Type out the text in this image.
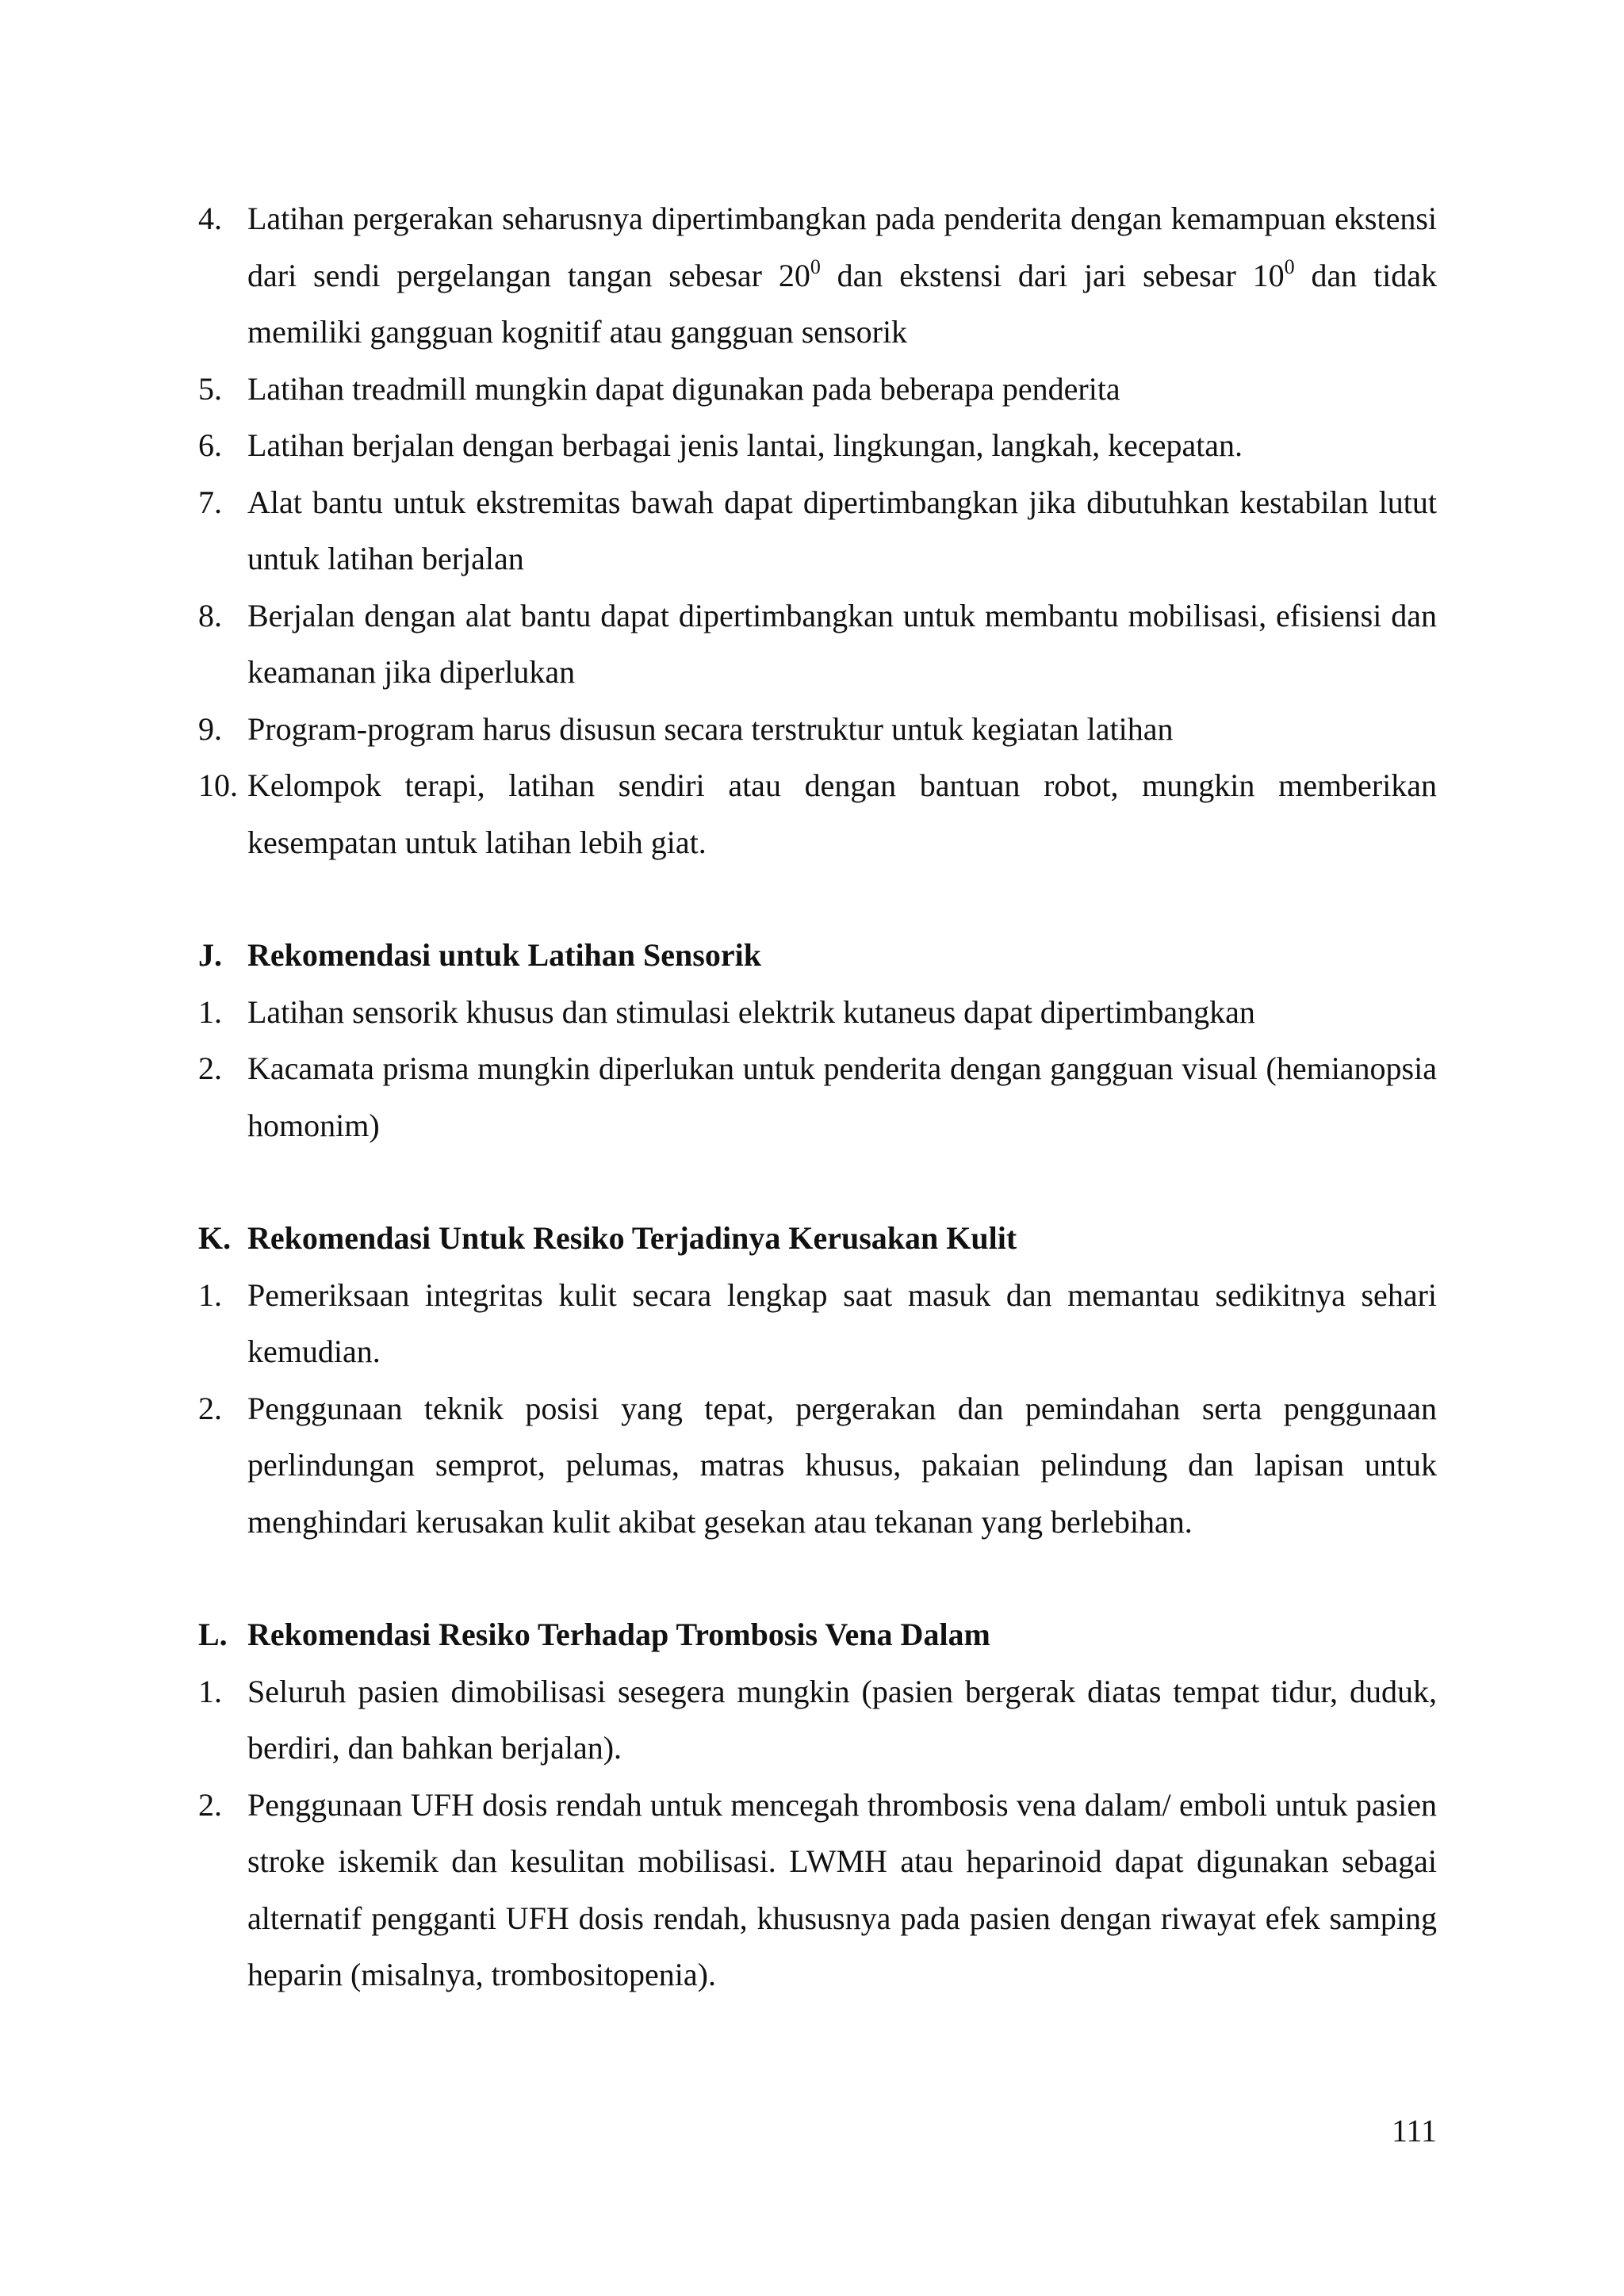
4. Latihan pergerakan seharusnya dipertimbangkan pada penderita dengan kemampuan ekstensi dari sendi pergelangan tangan sebesar $20^0$ dan ekstensi dari jari sebesar $10^0$ dan tidak memiliki gangguan kognitif atau gangguan sensorik
5. Latihan treadmill mungkin dapat digunakan pada beberapa penderita
6. Latihan berjalan dengan berbagai jenis lantai, lingkungan, langkah, kecepatan.
7. Alat bantu untuk ekstremitas bawah dapat dipertimbangkan jika dibutuhkan kestabilan lutut untuk latihan berjalan
8. Berjalan dengan alat bantu dapat dipertimbangkan untuk membantu mobilisasi, efisiensi dan keamanan jika diperlukan
9. Program-program harus disusun secara terstruktur untuk kegiatan latihan
10. Kelompok terapi, latihan sendiri atau dengan bantuan robot, mungkin memberikan kesempatan untuk latihan lebih giat.
J. Rekomendasi untuk Latihan Sensorik
1. Latihan sensorik khusus dan stimulasi elektrik kutaneus dapat dipertimbangkan
2. Kacamata prisma mungkin diperlukan untuk penderita dengan gangguan visual (hemianopsia homonim)
K. Rekomendasi Untuk Resiko Terjadinya Kerusakan Kulit
1. Pemeriksaan integritas kulit secara lengkap saat masuk dan memantau sedikitnya sehari kemudian.
2. Penggunaan teknik posisi yang tepat, pergerakan dan pemindahan serta penggunaan perlindungan semprot, pelumas, matras khusus, pakaian pelindung dan lapisan untuk menghindari kerusakan kulit akibat gesekan atau tekanan yang berlebihan.
L. Rekomendasi Resiko Terhadap Trombosis Vena Dalam
1. Seluruh pasien dimobilisasi sesegera mungkin (pasien bergerak diatas tempat tidur, duduk, berdiri, dan bahkan berjalan).
2. Penggunaan UFH dosis rendah untuk mencegah thrombosis vena dalam/ emboli untuk pasien stroke iskemik dan kesulitan mobilisasi. LWMH atau heparinoid dapat digunakan sebagai alternatif pengganti UFH dosis rendah, khususnya pada pasien dengan riwayat efek samping heparin (misalnya, trombositopenia).
111
